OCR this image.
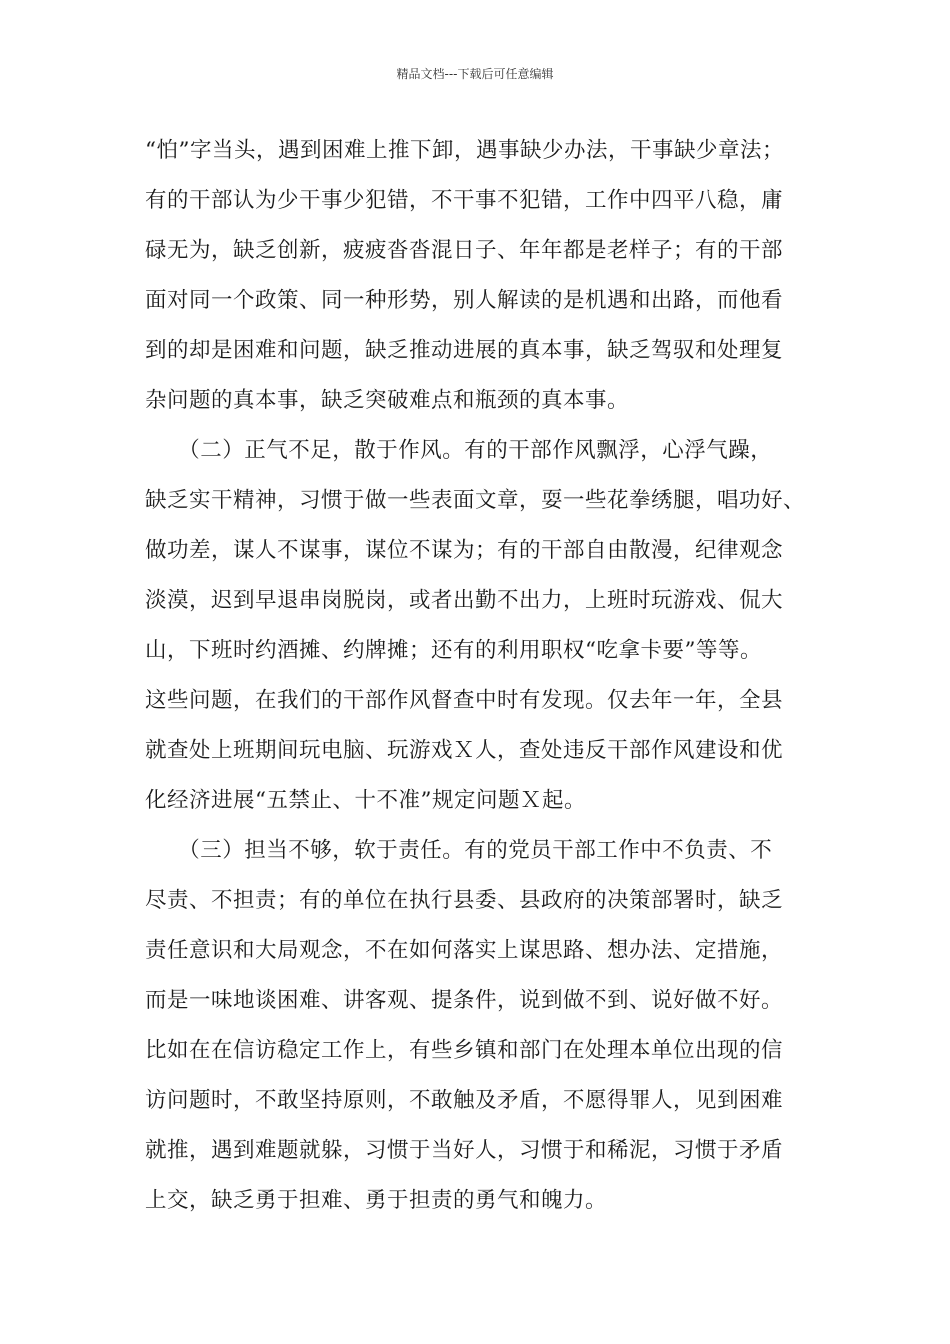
精品文档---下载后可任意编辑
“怕”字当头，遇到困难上推下卸，遇事缺少办法，干事缺少章法；
有的干部认为少干事少犯错，不干事不犯错，工作中四平八稳，庸
碌无为，缺乏创新，疲疲沓沓混日子、年年都是老样子；有的干部
面对同一个政策、同一种形势，别人解读的是机遇和出路，而他看
到的却是困难和问题，缺乏推动进展的真本事，缺乏驾驭和处理复
杂问题的真本事，缺乏突破难点和瓶颈的真本事。
　　（二）正气不足，散于作风。有的干部作风飘浮，心浮气躁，
缺乏实干精神，习惯于做一些表面文章，耍一些花拳绣腿，唱功好、
做功差，谋人不谋事，谋位不谋为；有的干部自由散漫，纪律观念
淡漠，迟到早退串岗脱岗，或者出勤不出力，上班时玩游戏、侃大
山，下班时约酒摊、约牌摊；还有的利用职权“吃拿卡要”等等。
这些问题，在我们的干部作风督查中时有发现。仅去年一年，全县
就查处上班期间玩电脑、玩游戏Ｘ人，查处违反干部作风建设和优
化经济进展“五禁止、十不准”规定问题Ｘ起。
　　（三）担当不够，软于责任。有的党员干部工作中不负责、不
尽责、不担责；有的单位在执行县委、县政府的决策部署时，缺乏
责任意识和大局观念，不在如何落实上谋思路、想办法、定措施，
而是一味地谈困难、讲客观、提条件，说到做不到、说好做不好。
比如在在信访稳定工作上，有些乡镇和部门在处理本单位出现的信
访问题时，不敢坚持原则，不敢触及矛盾，不愿得罪人，见到困难
就推，遇到难题就躲，习惯于当好人，习惯于和稀泥，习惯于矛盾
上交，缺乏勇于担难、勇于担责的勇气和魄力。
